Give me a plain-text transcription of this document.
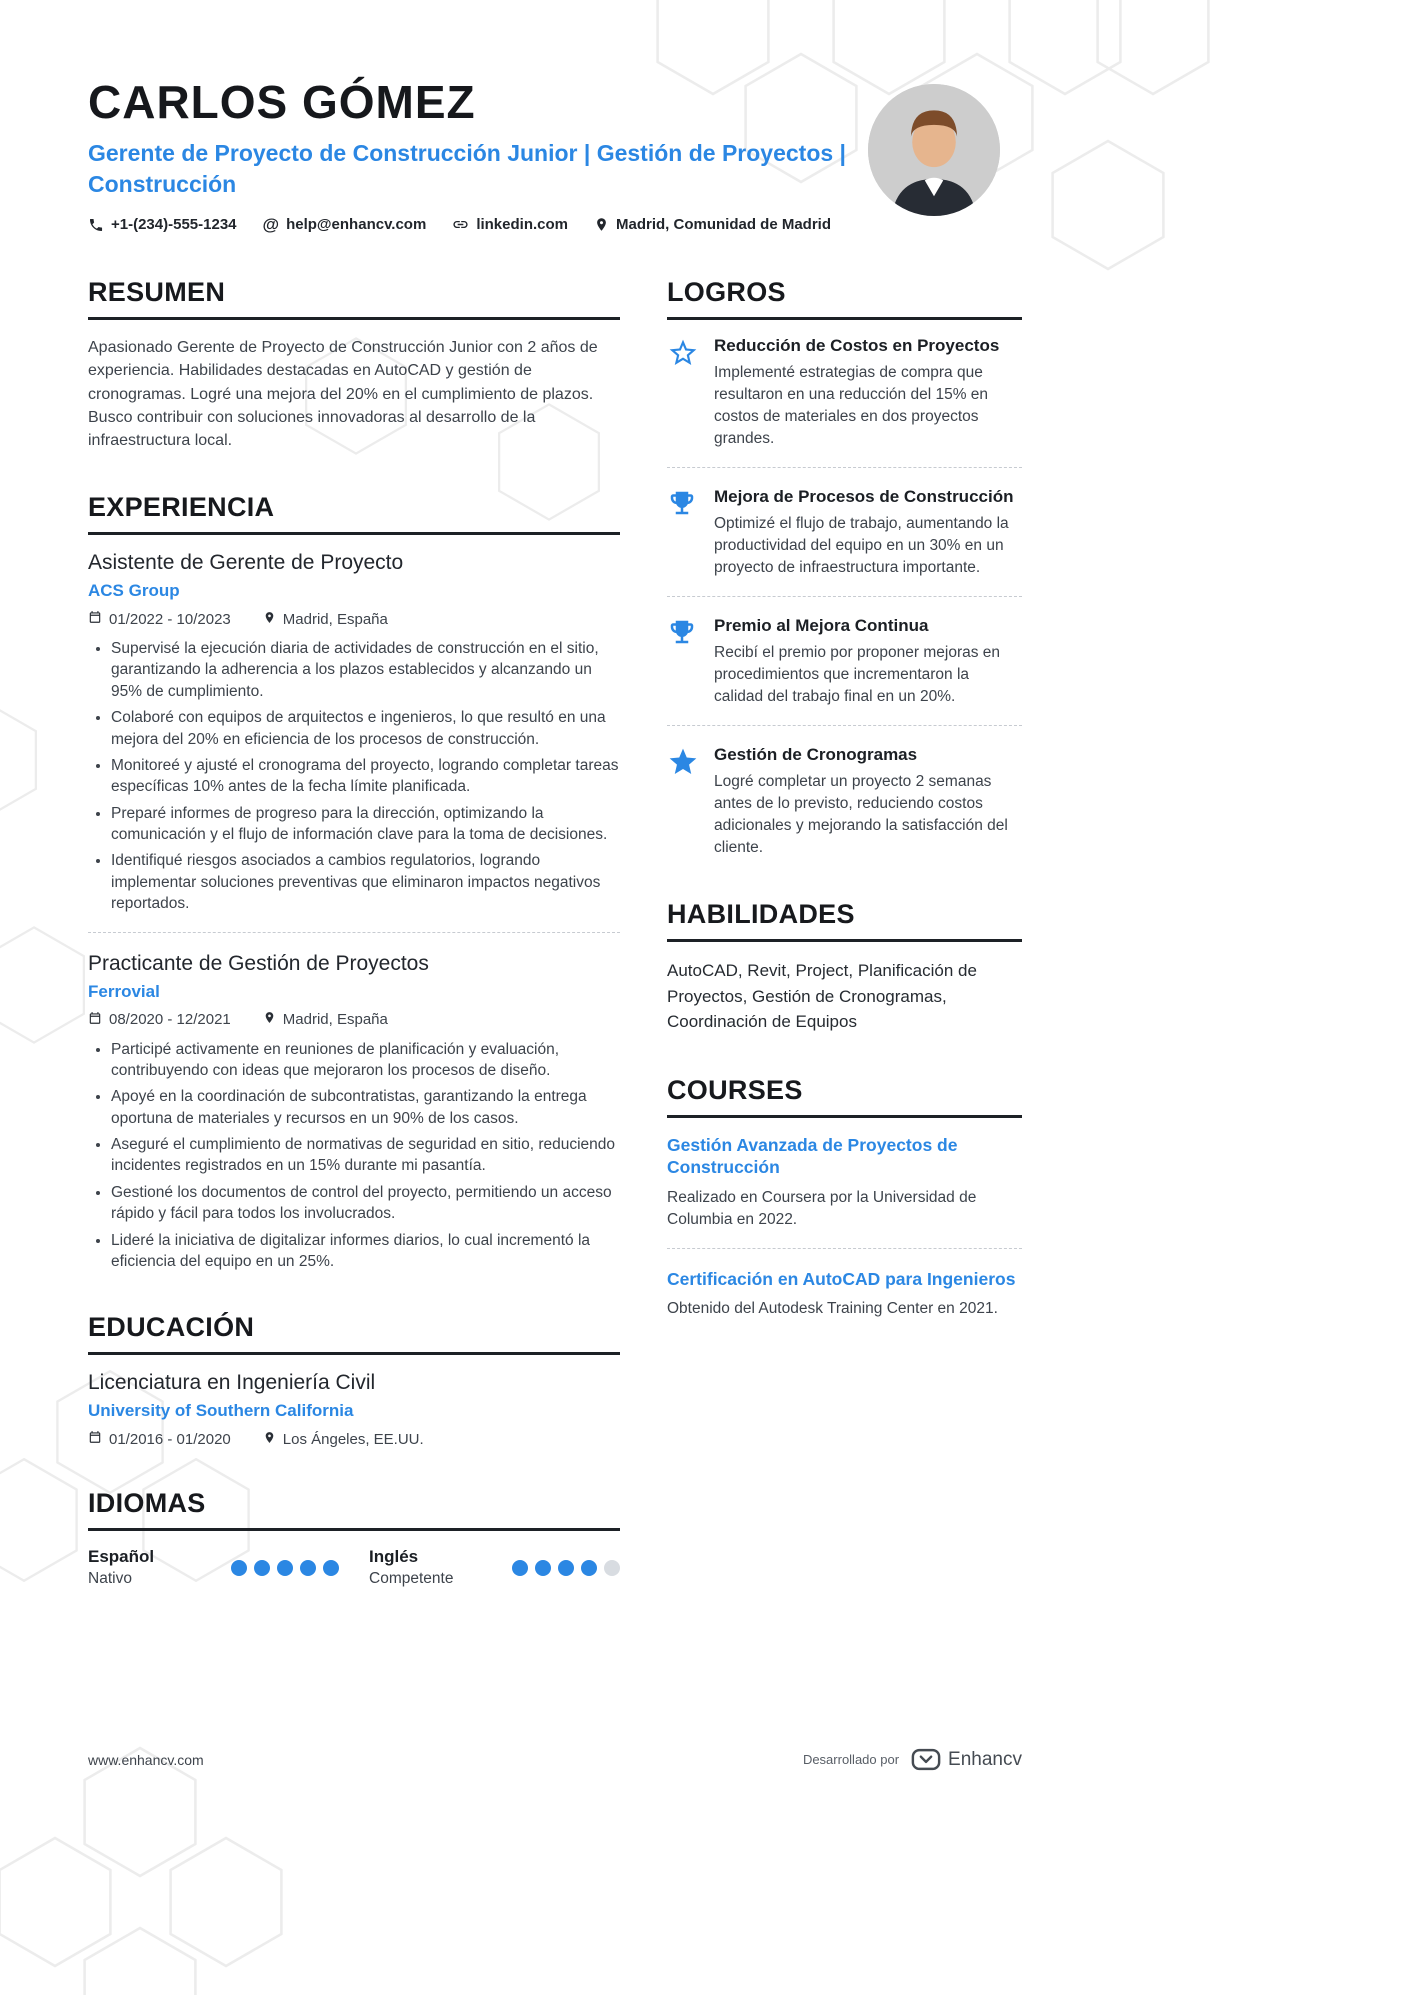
CARLOS GÓMEZ
Gerente de Proyecto de Construcción Junior | Gestión de Proyectos | Construcción
+1-(234)-555-1234 @ help@enhancv.com	linkedin.com	Madrid, Comunidad de Madrid
RESUMEN

Apasionado Gerente de Proyecto de Construcción Junior con 2 años de experiencia. Habilidades destacadas en AutoCAD y gestión de cronogramas. Logré una mejora del 20% en el cumplimiento de plazos. Busco contribuir con soluciones innovadoras al desarrollo de la infraestructura local.

EXPERIENCIA
Asistente de Gerente de Proyecto
ACS Group
01/2022 - 10/2023	Madrid, España
• Supervisé la ejecución diaria de actividades de construcción en el sitio, garantizando la adherencia a los plazos establecidos y alcanzando un 95% de cumplimiento.
• Colaboré con equipos de arquitectos e ingenieros, lo que resultó en una mejora del 20% en eficiencia de los procesos de construcción.
• Monitoreé y ajusté el cronograma del proyecto, logrando completar tareas específicas 10% antes de la fecha límite planificada.
• Preparé informes de progreso para la dirección, optimizando la comunicación y el flujo de información clave para la toma de decisiones.
• Identifiqué riesgos asociados a cambios regulatorios, logrando implementar soluciones preventivas que eliminaron impactos negativos reportados.
Practicante de Gestión de Proyectos
Ferrovial
08/2020 - 12/2021	Madrid, España
• Participé activamente en reuniones de planificación y evaluación, contribuyendo con ideas que mejoraron los procesos de diseño.
• Apoyé en la coordinación de subcontratistas, garantizando la entrega oportuna de materiales y recursos en un 90% de los casos.
• Aseguré el cumplimiento de normativas de seguridad en sitio, reduciendo incidentes registrados en un 15% durante mi pasantía.
• Gestioné los documentos de control del proyecto, permitiendo un acceso rápido y fácil para todos los involucrados.
• Lideré la iniciativa de digitalizar informes diarios, lo cual incrementó la eficiencia del equipo en un 25%.
EDUCACIÓN
Licenciatura en Ingeniería Civil
University of Southern California
01/2016 - 01/2020	Los Ángeles, EE.UU.
IDIOMAS
Español
Nativo
Inglés
Competente
LOGROS
Reducción de Costos en Proyectos
Implementé estrategias de compra que resultaron en una reducción del 15% en costos de materiales en dos proyectos grandes.
Mejora de Procesos de Construcción
Optimizé el flujo de trabajo, aumentando la productividad del equipo en un 30% en un proyecto de infraestructura importante.
Premio al Mejora Continua
Recibí el premio por proponer mejoras en procedimientos que incrementaron la calidad del trabajo final en un 20%.
Gestión de Cronogramas
Logré completar un proyecto 2 semanas antes de lo previsto, reduciendo costos adicionales y mejorando la satisfacción del cliente.
HABILIDADES

AutoCAD, Revit, Project, Planificación de Proyectos, Gestión de Cronogramas, Coordinación de Equipos

COURSES
Gestión Avanzada de Proyectos de Construcción
Realizado en Coursera por la Universidad de Columbia en 2022.
Certificación en AutoCAD para Ingenieros
Obtenido del Autodesk Training Center en 2021.
www.enhancv.com	Desarrollado por	Enhancv
